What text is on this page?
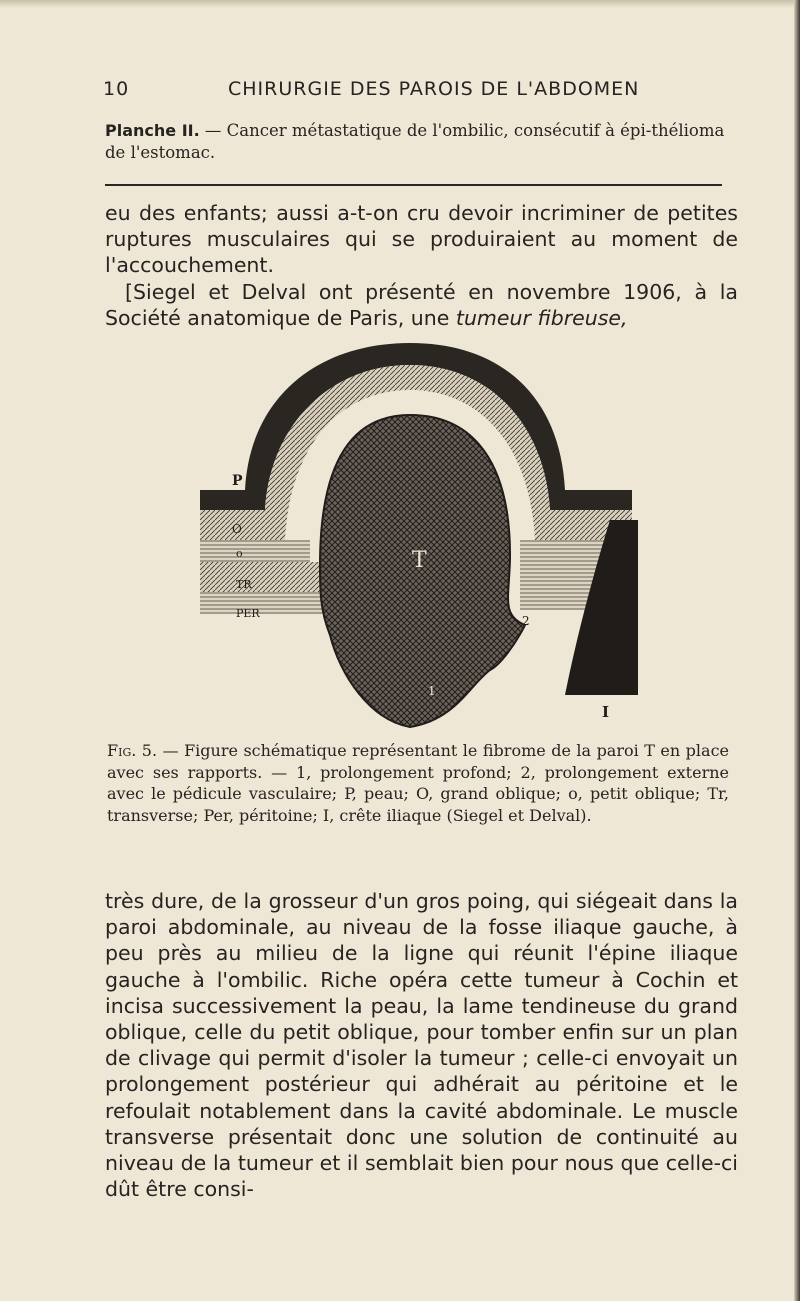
10	CHIRURGIE DES PAROIS DE L'ABDOMEN
Planche II. — Cancer métastatique de l'ombilic, consécutif à épi-thélioma de l'estomac.

eu des enfants; aussi a-t-on cru devoir incriminer de petites ruptures musculaires qui se produiraient au moment de l'accouchement.

[Siegel et Delval ont présenté en novembre 1906, à la Société anatomique de Paris, une tumeur fibreuse,

P
O
o
TR
PER
T
1
2
I
Fig. 5. — Figure schématique représentant le fibrome de la paroi T en place avec ses rapports. — 1, prolongement profond; 2, prolongement externe avec le pédicule vasculaire; P, peau; O, grand oblique; o, petit oblique; Tr, transverse; Per, péritoine; I, crête iliaque (Siegel et Delval).

très dure, de la grosseur d'un gros poing, qui siégeait dans la paroi abdominale, au niveau de la fosse iliaque gauche, à peu près au milieu de la ligne qui réunit l'épine iliaque gauche à l'ombilic. Riche opéra cette tumeur à Cochin et incisa successivement la peau, la lame tendineuse du grand oblique, celle du petit oblique, pour tomber enfin sur un plan de clivage qui permit d'isoler la tumeur ; celle-ci envoyait un prolongement postérieur qui adhérait au péritoine et le refoulait notablement dans la cavité abdominale. Le muscle transverse présentait donc une solution de continuité au niveau de la tumeur et il semblait bien pour nous que celle-ci dût être consi-
